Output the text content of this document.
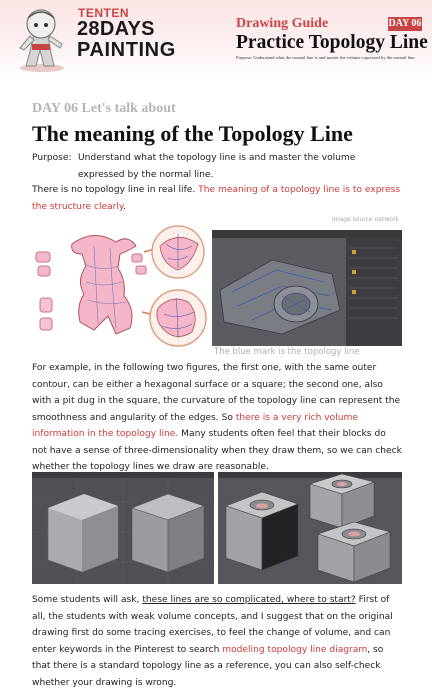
TENTEN
28DAYS
PAINTING
Drawing Guide	DAY 06
Practice Topology Line
Purpose: Understand what the normal line is and master the volume expressed by the normal line.
DAY 06 Let's talk about
The meaning of the Topology Line
Purpose: Understand what the topology line is and master the volume expressed by the normal line.
There is no topology line in real life. The meaning of a topology line is to express the structure clearly.
Image source network
The blue mark is the topology line
For example, in the following two figures, the first one, with the same outer contour, can be either a hexagonal surface or a square; the second one, also with a pit dug in the square, the curvature of the topology line can represent the smoothness and angularity of the edges. So there is a very rich volume information in the topology line. Many students often feel that their blocks do not have a sense of three-dimensionality when they draw them, so we can check whether the topology lines we draw are reasonable.
Some students will ask, these lines are so complicated, where to start? First of all, the students with weak volume concepts, and I suggest that on the original drawing first do some tracing exercises, to feel the change of volume, and can enter keywords in the Pinterest to search modeling topology line diagram, so that there is a standard topology line as a reference, you can also self-check whether your drawing is wrong.
